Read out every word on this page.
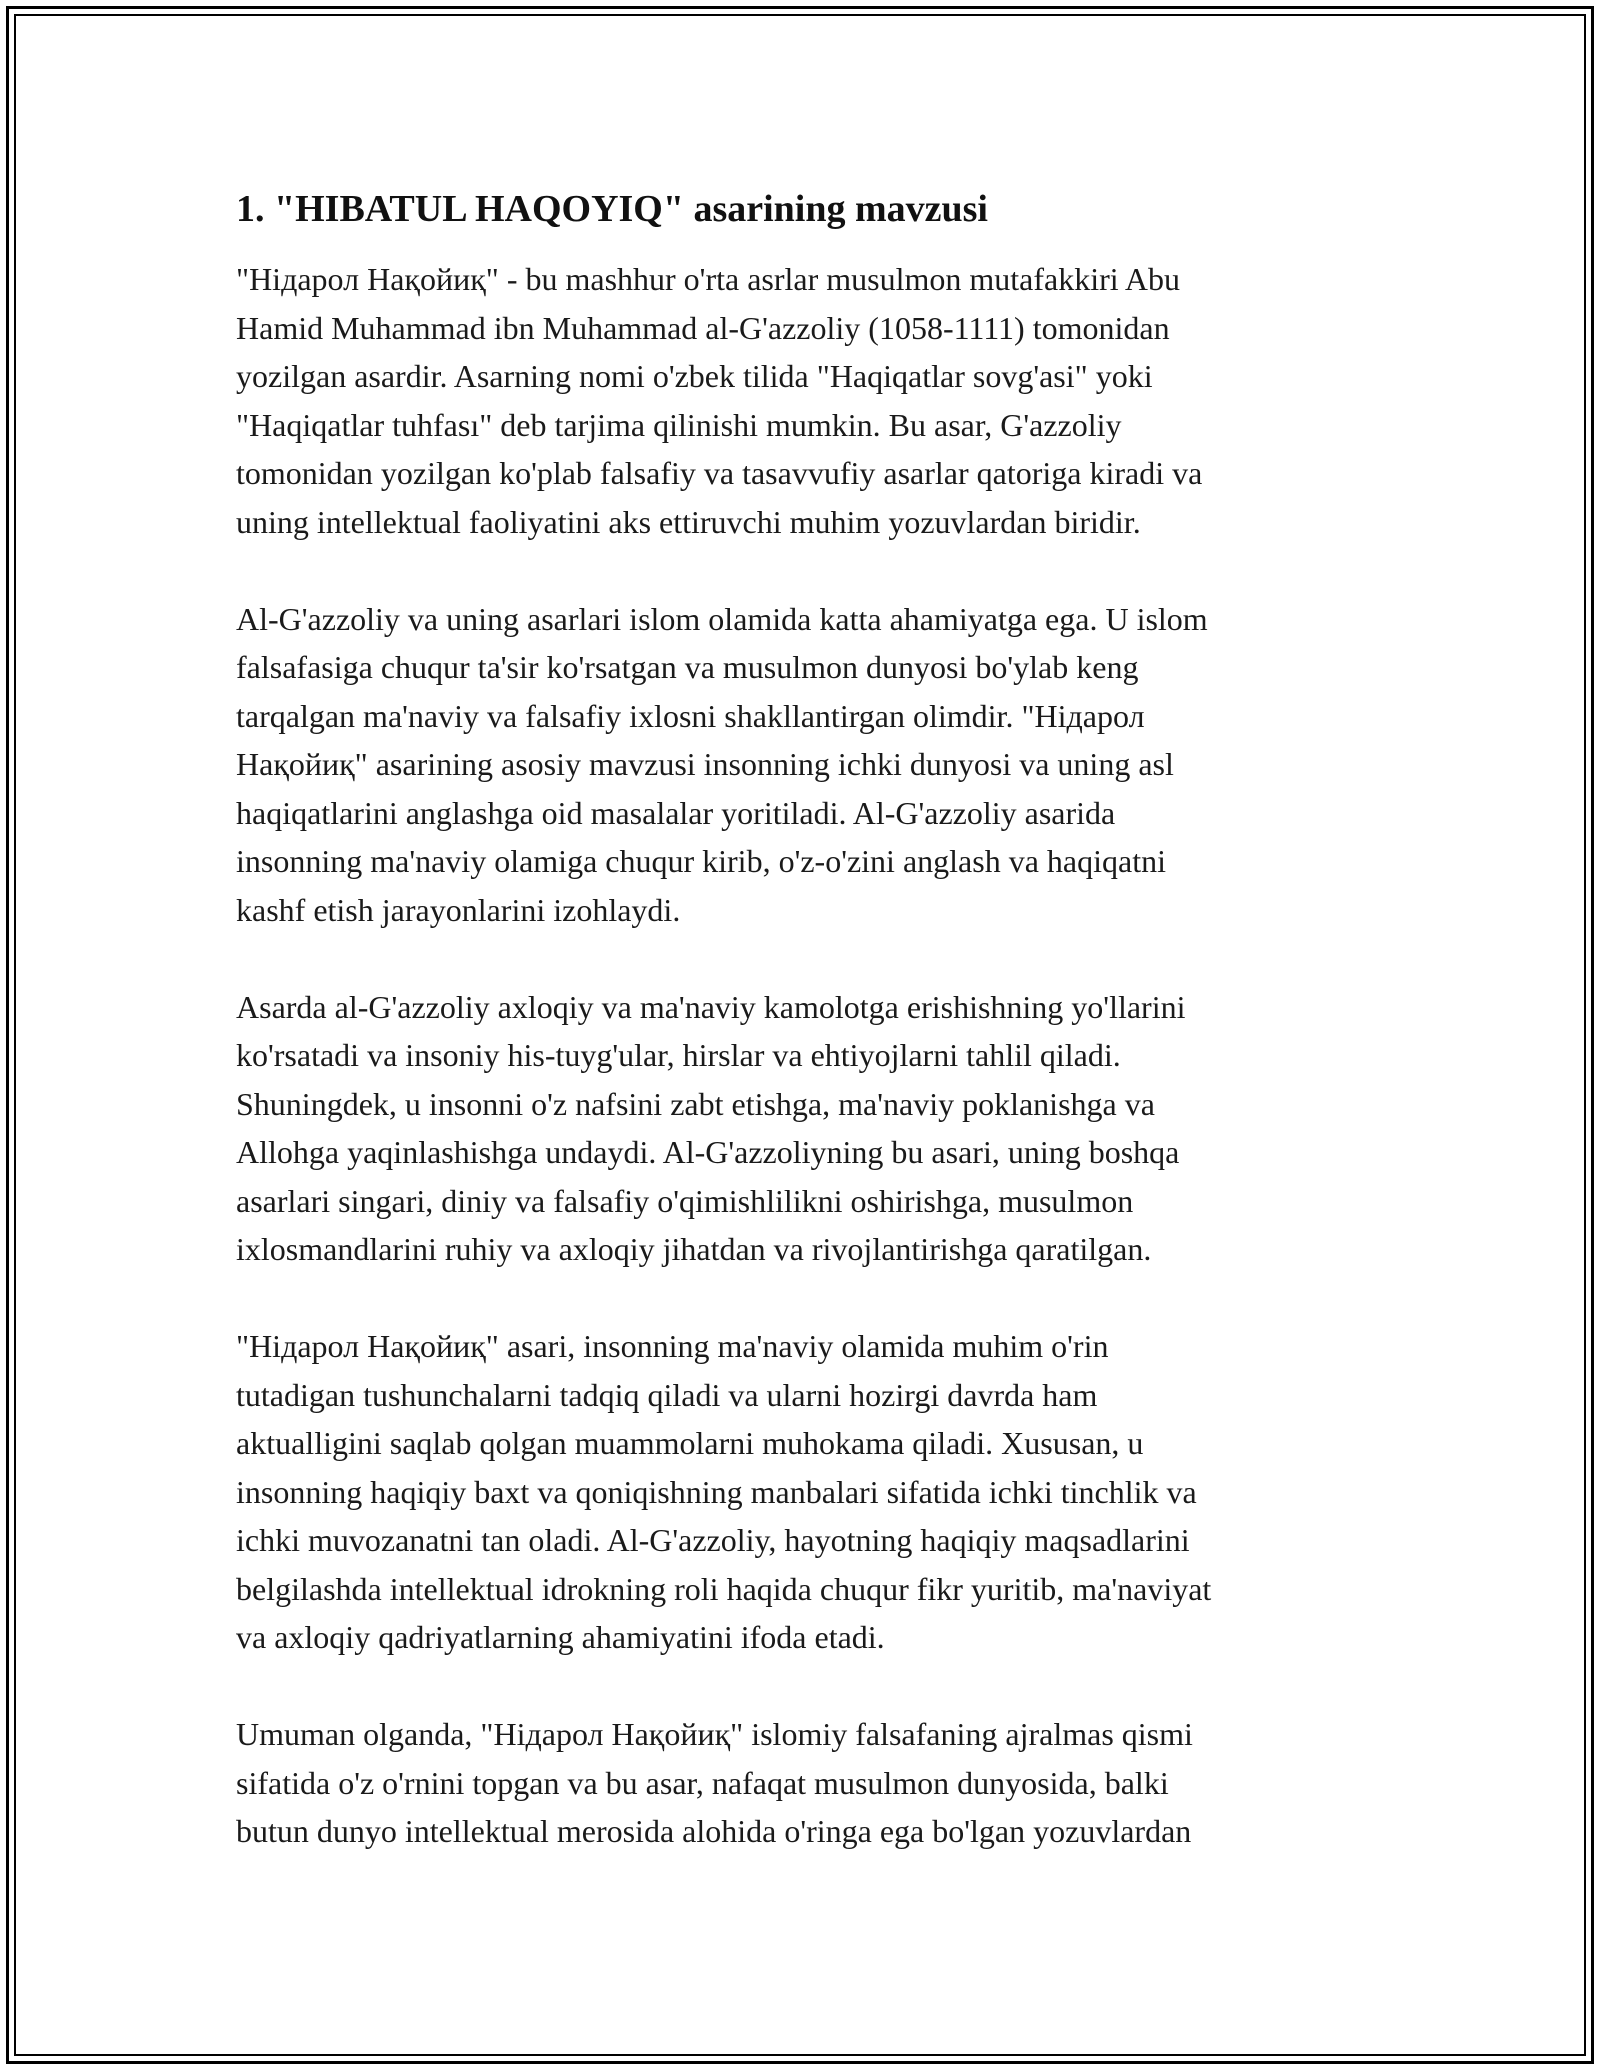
1. "HIBATUL HAQOYIQ" asarining mavzusi

"Hідарол Нақойиқ" - bu mashhur o'rta asrlar musulmon mutafakkiri Abu
Hamid Muhammad ibn Muhammad al-G'azzoliy (1058-1111) tomonidan
yozilgan asardir. Asarning nomi o'zbek tilida "Haqiqatlar sovg'asi" yoki
"Haqiqatlar tuhfası" deb tarjima qilinishi mumkin. Bu asar, G'azzoliy
tomonidan yozilgan ko'plab falsafiy va tasavvufiy asarlar qatoriga kiradi va
uning intellektual faoliyatini aks ettiruvchi muhim yozuvlardan biridir.

Al-G'azzoliy va uning asarlari islom olamida katta ahamiyatga ega. U islom
falsafasiga chuqur ta'sir ko'rsatgan va musulmon dunyosi bo'ylab keng
tarqalgan ma'naviy va falsafiy ixlosni shakllantirgan olimdir. "Hідарол
Нақойиқ" asarining asosiy mavzusi insonning ichki dunyosi va uning asl
haqiqatlarini anglashga oid masalalar yoritiladi. Al-G'azzoliy asarida
insonning ma'naviy olamiga chuqur kirib, o'z-o'zini anglash va haqiqatni
kashf etish jarayonlarini izohlaydi.

Asarda al-G'azzoliy axloqiy va ma'naviy kamolotga erishishning yo'llarini
ko'rsatadi va insoniy his-tuyg'ular, hirslar va ehtiyojlarni tahlil qiladi.
Shuningdek, u insonni o'z nafsini zabt etishga, ma'naviy poklanishga va
Allohga yaqinlashishga undaydi. Al-G'azzoliyning bu asari, uning boshqa
asarlari singari, diniy va falsafiy o'qimishlilikni oshirishga, musulmon
ixlosmandlarini ruhiy va axloqiy jihatdan va rivojlantirishga qaratilgan.

"Hідарол Нақойиқ" asari, insonning ma'naviy olamida muhim o'rin
tutadigan tushunchalarni tadqiq qiladi va ularni hozirgi davrda ham
aktualligini saqlab qolgan muammolarni muhokama qiladi. Xususan, u
insonning haqiqiy baxt va qoniqishning manbalari sifatida ichki tinchlik va
ichki muvozanatni tan oladi. Al-G'azzoliy, hayotning haqiqiy maqsadlarini
belgilashda intellektual idrokning roli haqida chuqur fikr yuritib, ma'naviyat
va axloqiy qadriyatlarning ahamiyatini ifoda etadi.

Umuman olganda, "Hідарол Нақойиқ" islomiy falsafaning ajralmas qismi
sifatida o'z o'rnini topgan va bu asar, nafaqat musulmon dunyosida, balki
butun dunyo intellektual merosida alohida o'ringa ega bo'lgan yozuvlardan
